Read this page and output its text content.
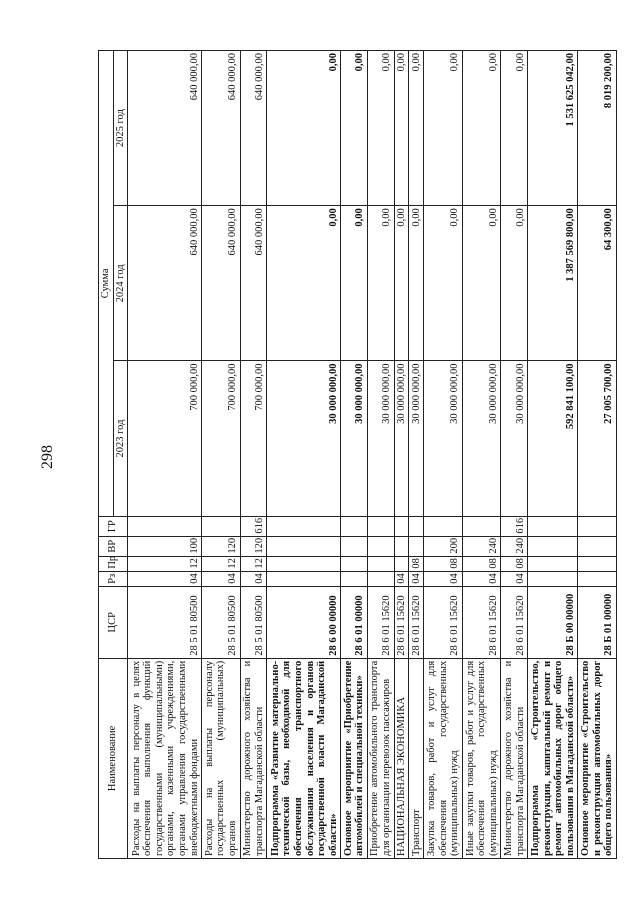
298
Наименование	ЦСР	Рз	Пр	ВР	ГР	Сумма		
						2023 год	2024 год	2025 год
Расходы на выплаты персоналу в целях обеспечения выполнения функций государственными (муниципальными) органами, казенными учреждениями, органами управления государственными внебюджетными фондами	28 5 01 80500	04	12	100		700 000,00	640 000,00	640 000,00
Расходы на выплаты персоналу государственных (муниципальных) органов	28 5 01 80500	04	12	120		700 000,00	640 000,00	640 000,00
Министерство дорожного хозяйства и транспорта Магаданской области	28 5 01 80500	04	12	120	616	700 000,00	640 000,00	640 000,00
Подпрограмма «Развитие материально-технической базы, необходимой для обеспечения транспортного обслуживания населения и органов государственной власти Магаданской области»	28 6 00 00000					30 000 000,00	0,00	0,00
Основное мероприятие «Приобретение автомобилей и специальной техники»	28 6 01 00000					30 000 000,00	0,00	0,00
Приобретение автомобильного транспорта для организации перевозок пассажиров	28 6 01 15620					30 000 000,00	0,00	0,00
НАЦИОНАЛЬНАЯ ЭКОНОМИКА	28 6 01 15620	04				30 000 000,00	0,00	0,00
Транспорт	28 6 01 15620	04	08			30 000 000,00	0,00	0,00
Закупка товаров, работ и услуг для обеспечения государственных (муниципальных) нужд	28 6 01 15620	04	08	200		30 000 000,00	0,00	0,00
Иные закупки товаров, работ и услуг для обеспечения государственных (муниципальных) нужд	28 6 01 15620	04	08	240		30 000 000,00	0,00	0,00
Министерство дорожного хозяйства и транспорта Магаданской области	28 6 01 15620	04	08	240	616	30 000 000,00	0,00	0,00
Подпрограмма «Строительство, реконструкция, капитальный ремонт и ремонт автомобильных дорог общего пользования в Магаданской области»	28 Б 00 00000					592 841 100,00	1 387 569 800,00	1 531 625 042,00
Основное мероприятие «Строительство и реконструкция автомобильных дорог общего пользования»	28 Б 01 00000					27 005 700,00	64 300,00	8 019 200,00
